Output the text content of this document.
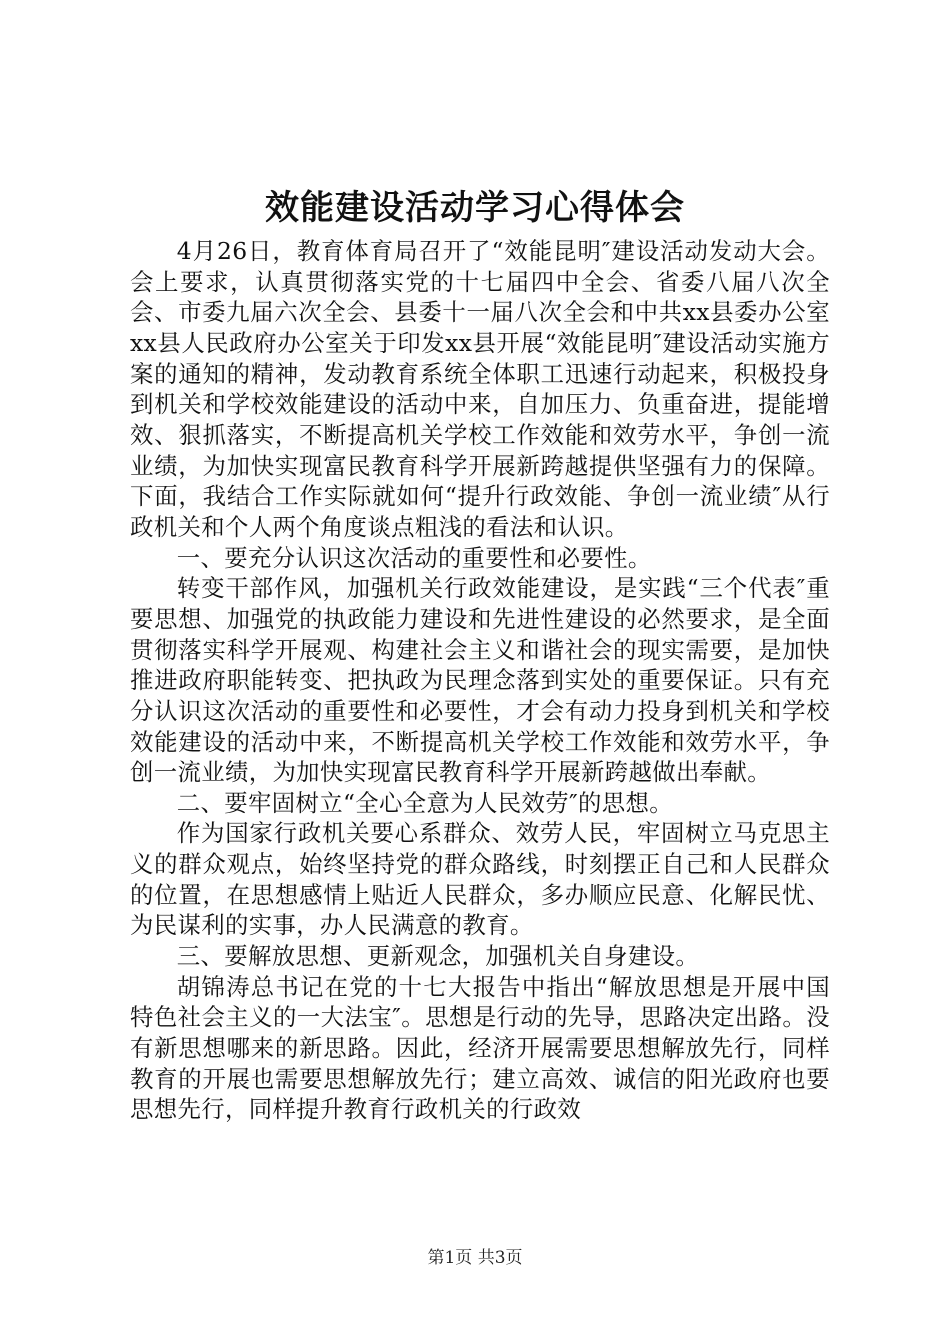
效能建设活动学习心得体会

4月26日，教育体育局召开了“效能昆明″建设活动发动大会。会上要求，认真贯彻落实党的十七届四中全会、省委八届八次全会、市委九届六次全会、县委十一届八次全会和中共xx县委办公室xx县人民政府办公室关于印发xx县开展“效能昆明″建设活动实施方案的通知的精神，发动教育系统全体职工迅速行动起来，积极投身到机关和学校效能建设的活动中来，自加压力、负重奋进，提能增效、狠抓落实，不断提高机关学校工作效能和效劳水平，争创一流业绩，为加快实现富民教育科学开展新跨越提供坚强有力的保障。下面，我结合工作实际就如何“提升行政效能、争创一流业绩″从行政机关和个人两个角度谈点粗浅的看法和认识。

一、要充分认识这次活动的重要性和必要性。

转变干部作风，加强机关行政效能建设，是实践“三个代表″重要思想、加强党的执政能力建设和先进性建设的必然要求，是全面贯彻落实科学开展观、构建社会主义和谐社会的现实需要，是加快推进政府职能转变、把执政为民理念落到实处的重要保证。只有充分认识这次活动的重要性和必要性，才会有动力投身到机关和学校效能建设的活动中来，不断提高机关学校工作效能和效劳水平，争创一流业绩，为加快实现富民教育科学开展新跨越做出奉献。

二、要牢固树立“全心全意为人民效劳″的思想。

作为国家行政机关要心系群众、效劳人民，牢固树立马克思主义的群众观点，始终坚持党的群众路线，时刻摆正自己和人民群众的位置，在思想感情上贴近人民群众，多办顺应民意、化解民忧、为民谋利的实事，办人民满意的教育。

三、要解放思想、更新观念，加强机关自身建设。

胡锦涛总书记在党的十七大报告中指出“解放思想是开展中国特色社会主义的一大法宝″。思想是行动的先导，思路决定出路。没有新思想哪来的新思路。因此，经济开展需要思想解放先行，同样教育的开展也需要思想解放先行；建立高效、诚信的阳光政府也要思想先行，同样提升教育行政机关的行政效

第1页 共3页
